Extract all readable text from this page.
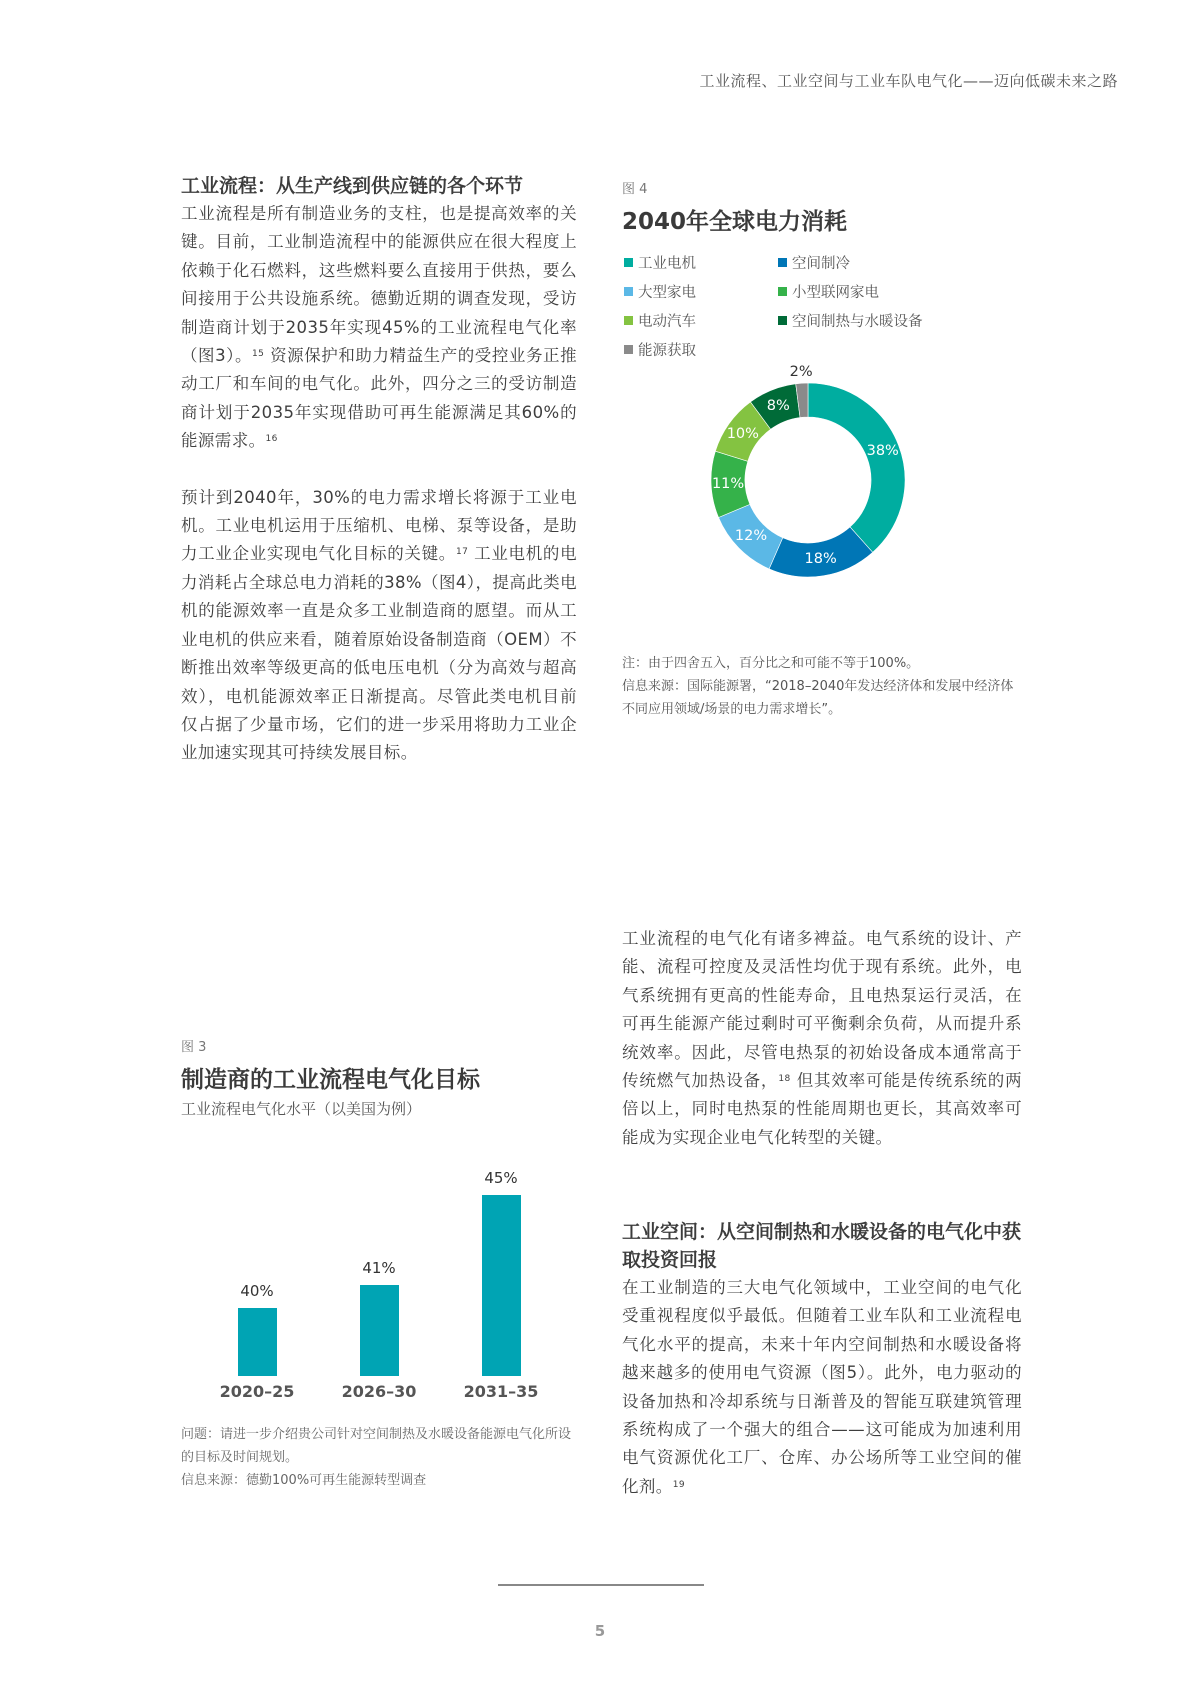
工业流程、工业空间与工业车队电气化——迈向低碳未来之路
工业流程：从生产线到供应链的各个环节

工业流程是所有制造业务的支柱，也是提高效率的关键。目前，工业制造流程中的能源供应在很大程度上依赖于化石燃料，这些燃料要么直接用于供热，要么间接用于公共设施系统。德勤近期的调查发现，受访制造商计划于2035年实现45%的工业流程电气化率（图3）。$^{15}$ 资源保护和助力精益生产的受控业务正推动工厂和车间的电气化。此外，四分之三的受访制造商计划于2035年实现借助可再生能源满足其60%的能源需求。$^{16}$

预计到2040年，30%的电力需求增长将源于工业电机。工业电机运用于压缩机、电梯、泵等设备，是助力工业企业实现电气化目标的关键。$^{17}$ 工业电机的电力消耗占全球总电力消耗的38%（图4），提高此类电机的能源效率一直是众多工业制造商的愿望。而从工业电机的供应来看，随着原始设备制造商（OEM）不断推出效率等级更高的低电压电机（分为高效与超高效），电机能源效率正日渐提高。尽管此类电机目前仅占据了少量市场，它们的进一步采用将助力工业企业加速实现其可持续发展目标。

图 4
2040年全球电力消耗
工业电机	空间制冷
大型家电	小型联网家电
电动汽车	空间制热与水暖设备
能源获取
38%
18%
12%
11%
10%
8%
2%
注：由于四舍五入，百分比之和可能不等于100%。
信息来源：国际能源署，“2018–2040年发达经济体和发展中经济体不同应用领域/场景的电力需求增长”。

工业流程的电气化有诸多裨益。电气系统的设计、产能、流程可控度及灵活性均优于现有系统。此外，电气系统拥有更高的性能寿命，且电热泵运行灵活，在可再生能源产能过剩时可平衡剩余负荷，从而提升系统效率。因此，尽管电热泵的初始设备成本通常高于传统燃气加热设备，$^{18}$ 但其效率可能是传统系统的两倍以上，同时电热泵的性能周期也更长，其高效率可能成为实现企业电气化转型的关键。

工业空间：从空间制热和水暖设备的电气化中获取投资回报

在工业制造的三大电气化领域中，工业空间的电气化受重视程度似乎最低。但随着工业车队和工业流程电气化水平的提高，未来十年内空间制热和水暖设备将越来越多的使用电气资源（图5）。此外，电力驱动的设备加热和冷却系统与日渐普及的智能互联建筑管理系统构成了一个强大的组合——这可能成为加速利用电气资源优化工厂、仓库、办公场所等工业空间的催化剂。$^{19}$

图 3
制造商的工业流程电气化目标
工业流程电气化水平（以美国为例）
40%
2020–25
41%
2026–30
45%
2031–35
问题：请进一步介绍贵公司针对空间制热及水暖设备能源电气化所设的目标及时间规划。
信息来源：德勤100%可再生能源转型调查
5
